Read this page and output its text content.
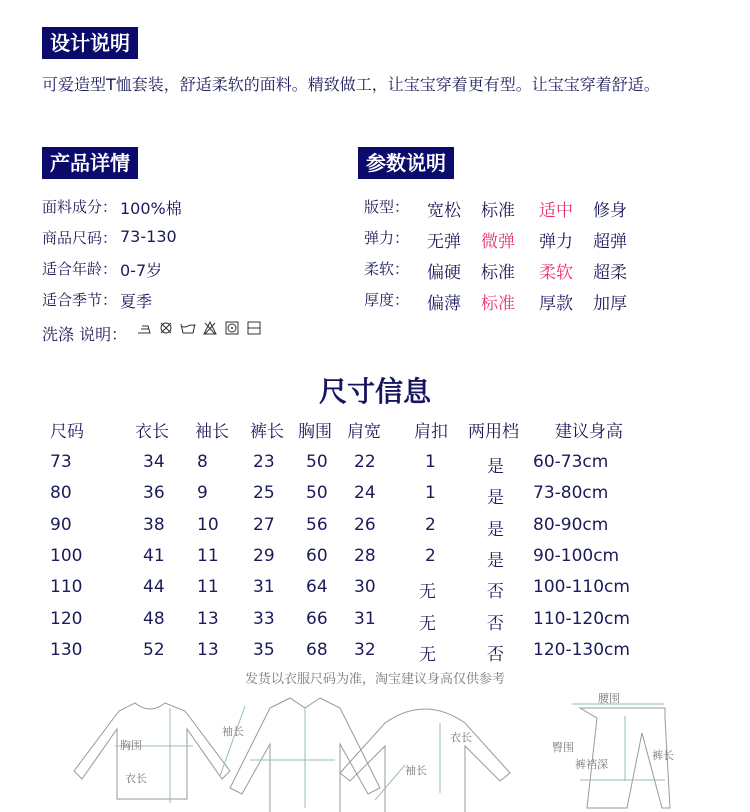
设计说明
可爱造型T恤套装，舒适柔软的面料。精致做工，让宝宝穿着更有型。让宝宝穿着舒适。
产品详情
面料成分： 100%棉
商品尺码： 73-130
适合年龄： 0-7岁
适合季节： 夏季
洗涤 说明：
参数说明
版型： 宽松 标准 适中 修身
弹力： 无弹 微弹 弹力 超弹
柔软： 偏硬 标准 柔软 超柔
厚度： 偏薄 标准 厚款 加厚
尺寸信息
尺码	衣长 袖长 裤长 胸围 肩宽 肩扣 两用档 建议身高
73	34 8	23 50 22	1	是 60-73cm
80	36 9	25 50 24	1	是 73-80cm
90	38 10 27 56 26	2	是 80-90cm
100	41 11 29 60 28	2	是 90-100cm
110	44 11 31 64 30	无	否 100-110cm
120	48 13 33 66 31	无	否 110-120cm
130	52 13 35 68 32	无	否 120-130cm
发货以衣服尺码为准，淘宝建议身高仅供参考
胸围
衣长
袖长	衣长
袖长
腰围
臀围
裤裆深
裤长
